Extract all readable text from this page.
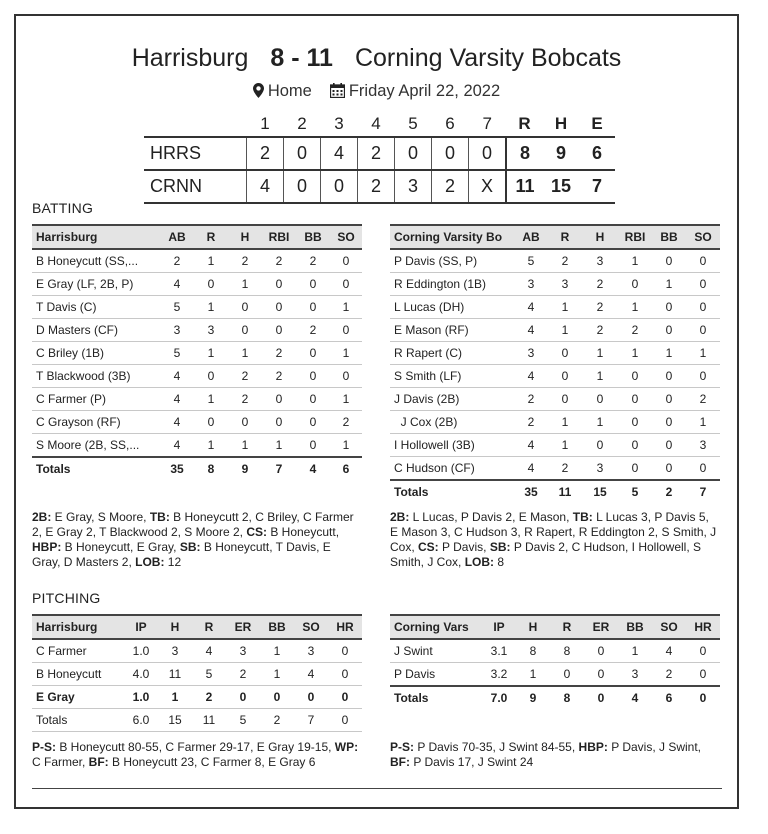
Harrisburg 8 - 11 Corning Varsity Bobcats
Home Friday April 22, 2022
	1	2	3	4	5	6	7	R	H	E
HRRS	2	0	4	2	0	0	0	8	9	6
CRNN	4	0	0	2	3	2	X	11	15	7
BATTING
Harrisburg	AB	R	H	RBI	BB	SO
B Honeycutt (SS,...	2	1	2	2	2	0
E Gray (LF, 2B, P)	4	0	1	0	0	0
T Davis (C)	5	1	0	0	0	1
D Masters (CF)	3	3	0	0	2	0
C Briley (1B)	5	1	1	2	0	1
T Blackwood (3B)	4	0	2	2	0	0
C Farmer (P)	4	1	2	0	0	1
C Grayson (RF)	4	0	0	0	0	2
S Moore (2B, SS,...	4	1	1	1	0	1
Totals	35	8	9	7	4	6
Corning Varsity Bo	AB	R	H	RBI	BB	SO
P Davis (SS, P)	5	2	3	1	0	0
R Eddington (1B)	3	3	2	0	1	0
L Lucas (DH)	4	1	2	1	0	0
E Mason (RF)	4	1	2	2	0	0
R Rapert (C)	3	0	1	1	1	1
S Smith (LF)	4	0	1	0	0	0
J Davis (2B)	2	0	0	0	0	2
J Cox (2B)	2	1	1	0	0	1
I Hollowell (3B)	4	1	0	0	0	3
C Hudson (CF)	4	2	3	0	0	0
Totals	35	11	15	5	2	7
2B: E Gray, S Moore, TB: B Honeycutt 2, C Briley, C Farmer 2, E Gray 2, T Blackwood 2, S Moore 2, CS: B Honeycutt, HBP: B Honeycutt, E Gray, SB: B Honeycutt, T Davis, E Gray, D Masters 2, LOB: 12
2B: L Lucas, P Davis 2, E Mason, TB: L Lucas 3, P Davis 5, E Mason 3, C Hudson 3, R Rapert, R Eddington 2, S Smith, J Cox, CS: P Davis, SB: P Davis 2, C Hudson, I Hollowell, S Smith, J Cox, LOB: 8
PITCHING
Harrisburg	IP	H	R	ER	BB	SO	HR
C Farmer	1.0	3	4	3	1	3	0
B Honeycutt	4.0	11	5	2	1	4	0
E Gray	1.0	1	2	0	0	0	0
Totals	6.0	15	11	5	2	7	0
Corning Vars	IP	H	R	ER	BB	SO	HR
J Swint	3.1	8	8	0	1	4	0
P Davis	3.2	1	0	0	3	2	0
Totals	7.0	9	8	0	4	6	0
P-S: B Honeycutt 80-55, C Farmer 29-17, E Gray 19-15, WP: C Farmer, BF: B Honeycutt 23, C Farmer 8, E Gray 6
P-S: P Davis 70-35, J Swint 84-55, HBP: P Davis, J Swint, BF: P Davis 17, J Swint 24
